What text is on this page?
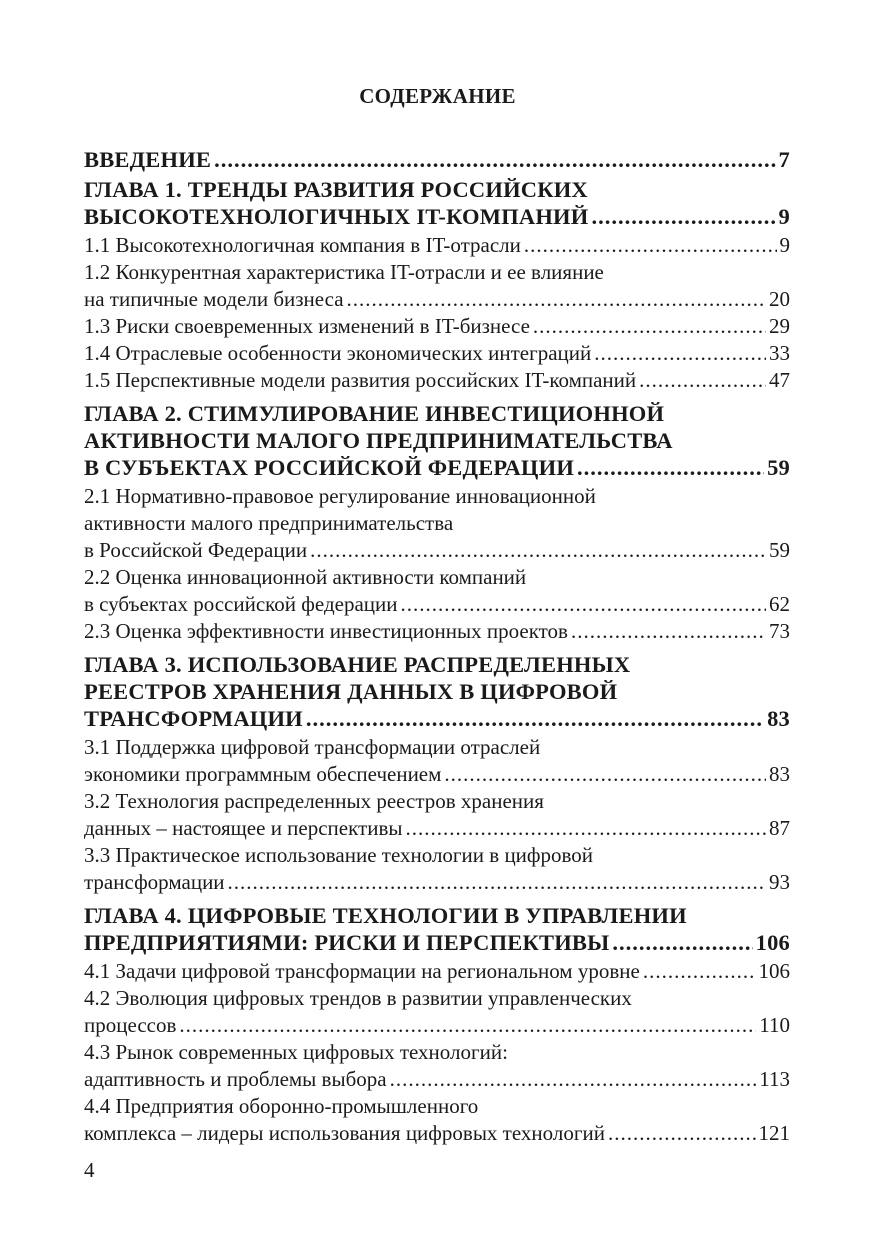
СОДЕРЖАНИЕ
ВВЕДЕНИЕ .....	7
ГЛАВА 1. ТРЕНДЫ РАЗВИТИЯ РОССИЙСКИХ
ВЫСОКОТЕХНОЛОГИЧНЫХ IT-КОМПАНИЙ .....	9
1.1 Высокотехнологичная компания в IT-отрасли .....	9
1.2 Конкурентная характеристика IT-отрасли и ее влияние
на типичные модели бизнеса .....	20
1.3 Риски своевременных изменений в IT-бизнесе .....	29
1.4 Отраслевые особенности экономических интеграций .....	33
1.5 Перспективные модели развития российских IT-компаний .....	47
ГЛАВА 2. СТИМУЛИРОВАНИЕ ИНВЕСТИЦИОННОЙ
АКТИВНОСТИ МАЛОГО ПРЕДПРИНИМАТЕЛЬСТВА
В СУБЪЕКТАХ РОССИЙСКОЙ ФЕДЕРАЦИИ .....	59
2.1 Нормативно-правовое регулирование инновационной
активности малого предпринимательства
в Российской Федерации .....	59
2.2 Оценка инновационной активности компаний
в субъектах российской федерации .....	62
2.3 Оценка эффективности инвестиционных проектов .....	73
ГЛАВА 3. ИСПОЛЬЗОВАНИЕ РАСПРЕДЕЛЕННЫХ
РЕЕСТРОВ ХРАНЕНИЯ ДАННЫХ В ЦИФРОВОЙ
ТРАНСФОРМАЦИИ .....	83
3.1 Поддержка цифровой трансформации отраслей
экономики программным обеспечением .....	83
3.2 Технология распределенных реестров хранения
данных – настоящее и перспективы .....	87
3.3 Практическое использование технологии в цифровой
трансформации .....	93
ГЛАВА 4. ЦИФРОВЫЕ ТЕХНОЛОГИИ В УПРАВЛЕНИИ
ПРЕДПРИЯТИЯМИ: РИСКИ И ПЕРСПЕКТИВЫ .....	106
4.1 Задачи цифровой трансформации на региональном уровне .....	106
4.2 Эволюция цифровых трендов в развитии управленческих
процессов .....	110
4.3 Рынок современных цифровых технологий:
адаптивность и проблемы выбора .....	113
4.4 Предприятия оборонно-промышленного
комплекса – лидеры использования цифровых технологий .....	121
4
